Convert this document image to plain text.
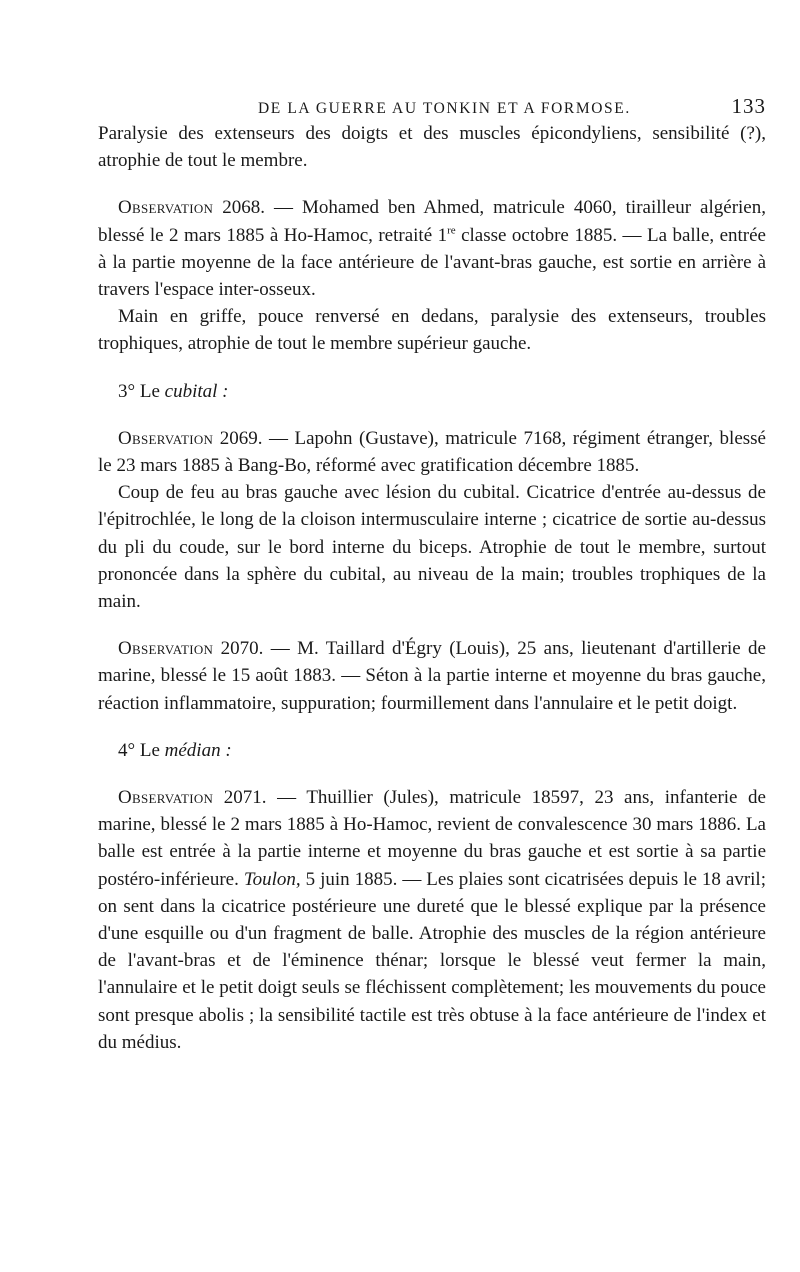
DE LA GUERRE AU TONKIN ET A FORMOSE.	133

Paralysie des extenseurs des doigts et des muscles épicondyliens, sensibilité (?), atrophie de tout le membre.

Observation 2068. — Mohamed ben Ahmed, matricule 4060, tirailleur algérien, blessé le 2 mars 1885 à Ho-Hamoc, retraité 1re classe octobre 1885. — La balle, entrée à la partie moyenne de la face antérieure de l'avant-bras gauche, est sortie en arrière à travers l'espace inter-osseux.

Main en griffe, pouce renversé en dedans, paralysie des extenseurs, troubles trophiques, atrophie de tout le membre supérieur gauche.

3° Le cubital :

Observation 2069. — Lapohn (Gustave), matricule 7168, régiment étranger, blessé le 23 mars 1885 à Bang-Bo, réformé avec gratification décembre 1885.

Coup de feu au bras gauche avec lésion du cubital. Cicatrice d'entrée au-dessus de l'épitrochlée, le long de la cloison intermusculaire interne ; cicatrice de sortie au-dessus du pli du coude, sur le bord interne du biceps. Atrophie de tout le membre, surtout prononcée dans la sphère du cubital, au niveau de la main; troubles trophiques de la main.

Observation 2070. — M. Taillard d'Égry (Louis), 25 ans, lieutenant d'artillerie de marine, blessé le 15 août 1883. — Séton à la partie interne et moyenne du bras gauche, réaction inflammatoire, suppuration; fourmillement dans l'annulaire et le petit doigt.

4° Le médian :

Observation 2071. — Thuillier (Jules), matricule 18597, 23 ans, infanterie de marine, blessé le 2 mars 1885 à Ho-Hamoc, revient de convalescence 30 mars 1886. La balle est entrée à la partie interne et moyenne du bras gauche et est sortie à sa partie postéro-inférieure. Toulon, 5 juin 1885. — Les plaies sont cicatrisées depuis le 18 avril; on sent dans la cicatrice postérieure une dureté que le blessé explique par la présence d'une esquille ou d'un fragment de balle. Atrophie des muscles de la région antérieure de l'avant-bras et de l'éminence thénar; lorsque le blessé veut fermer la main, l'annulaire et le petit doigt seuls se fléchissent complètement; les mouvements du pouce sont presque abolis ; la sensibilité tactile est très obtuse à la face antérieure de l'index et du médius.
